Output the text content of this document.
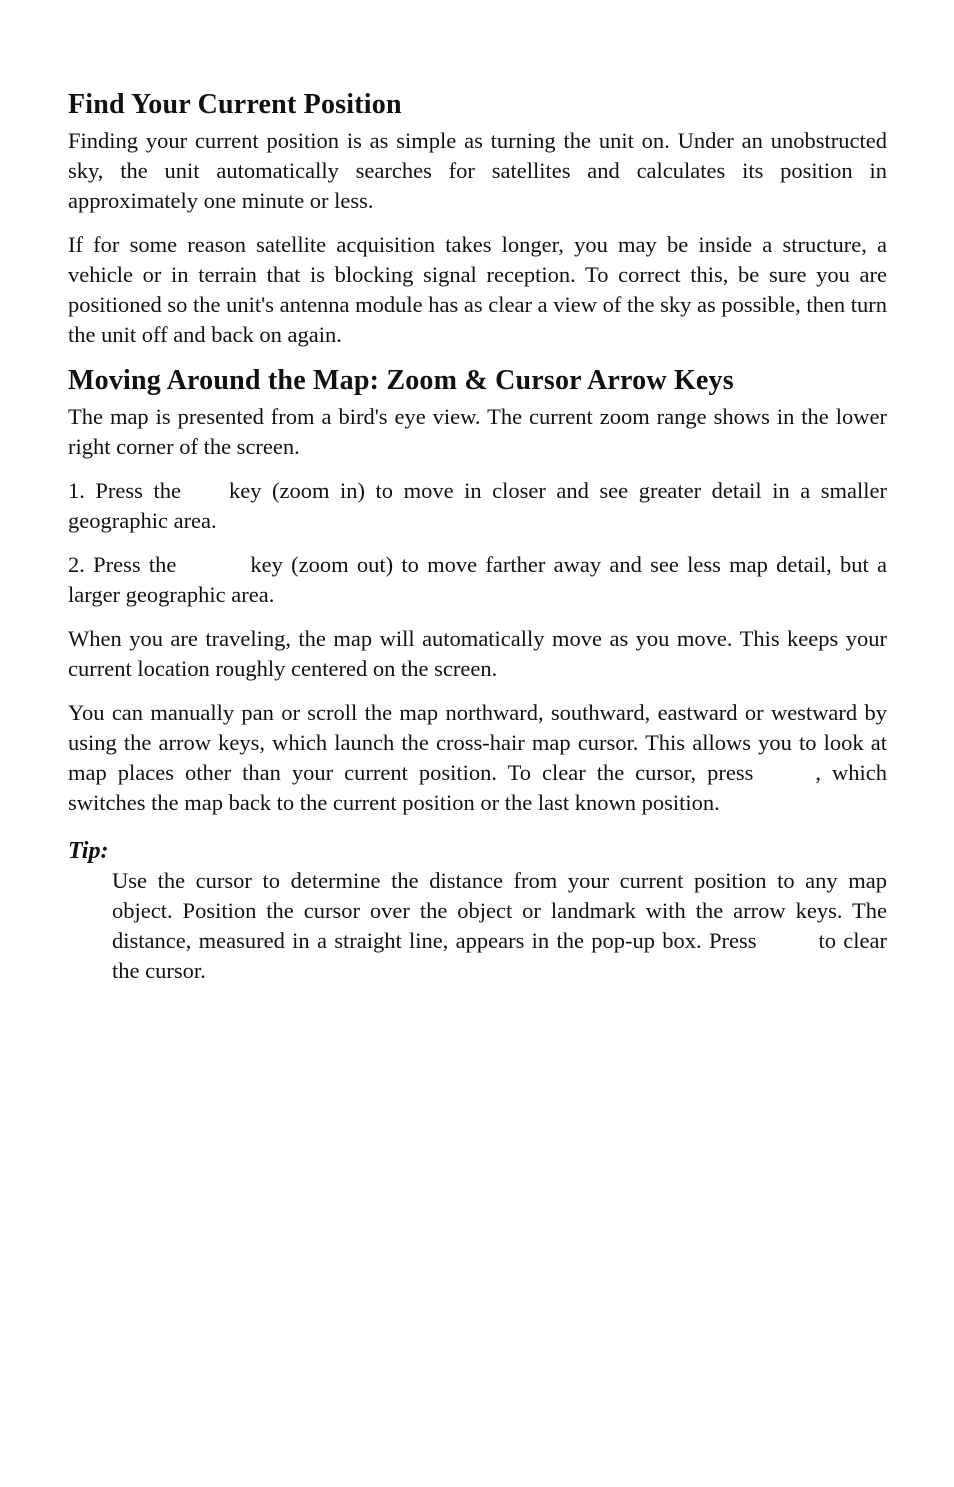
Find Your Current Position

Finding your current position is as simple as turning the unit on. Under an unobstructed sky, the unit automatically searches for satellites and calculates its position in approximately one minute or less.

If for some reason satellite acquisition takes longer, you may be inside a structure, a vehicle or in terrain that is blocking signal reception. To correct this, be sure you are positioned so the unit's antenna module has as clear a view of the sky as possible, then turn the unit off and back on again.

Moving Around the Map: Zoom & Cursor Arrow Keys

The map is presented from a bird's eye view. The current zoom range shows in the lower right corner of the screen.

1. Press the key (zoom in) to move in closer and see greater detail in a smaller geographic area.

2. Press the	key (zoom out) to move farther away and see less map detail, but a larger geographic area.

When you are traveling, the map will automatically move as you move. This keeps your current location roughly centered on the screen.

You can manually pan or scroll the map northward, southward, eastward or westward by using the arrow keys, which launch the cross-hair map cursor. This allows you to look at map places other than your current position. To clear the cursor, press	, which switches the map back to the current position or the last known position.

Tip:

Use the cursor to determine the distance from your current position to any map object. Position the cursor over the object or landmark with the arrow keys. The distance, measured in a straight line, appears in the pop-up box. Press	to clear the cursor.
